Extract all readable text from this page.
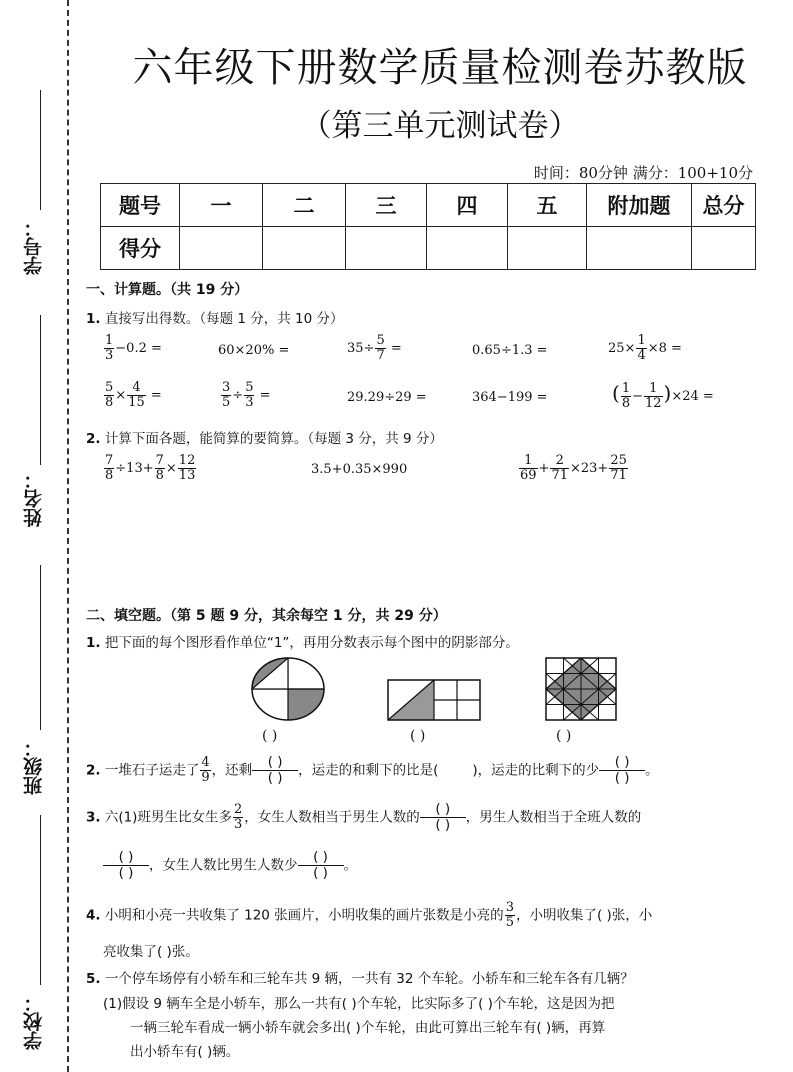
学号：
姓名：
班级：
学校：
六年级下册数学质量检测卷苏教版
（第三单元测试卷）
时间：80分钟 满分：100+10分
题号	一	二	三	四	五	附加题	总分
得分							
一、计算题。（共 19 分）
1. 直接写出得数。（每题 1 分，共 10 分）
$\frac{1}{3} -0.2$ =	60×20% =	$35\div \frac{5}{7}$ =	0.65÷1.3 =	$25\times \frac{1}{4} \times 8$ =
$\frac{5}{8} \times \frac{4}{15}$ =	$\frac{3}{5} \div \frac{5}{3}$ =	29.29÷29 =	364−199 =	( $\frac{1}{8} - \frac{1}{12} )\times 24$ =
2. 计算下面各题，能简算的要简算。（每题 3 分，共 9 分）
$\frac{7}{8} \div 13+ \frac{7}{8} \times \frac{12}{13}$	3.5+0.35×990	$\frac{1}{69} + \frac{2}{71} \times 23+ \frac{25}{71}$
二、填空题。（第 5 题 9 分，其余每空 1 分，共 29 分）
1. 把下面的每个图形看作单位“1”，再用分数表示每个图中的阴影部分。
( )	( )	( )
2. 一堆石子运走了 $\frac{4}{9}$ ，还剩 $\frac{( )}{( )}$ ，运走的和剩下的比是(	)，运走的比剩下的少 $\frac{( )}{( )}$ 。
3. 六(1)班男生比女生多 $\frac{2}{3}$ ，女生人数相当于男生人数的 $\frac{( )}{( )}$ ，男生人数相当于全班人数的
$\frac{( )}{( )}$ ，女生人数比男生人数少 $\frac{( )}{( )}$ 。
4. 小明和小亮一共收集了 120 张画片，小明收集的画片张数是小亮的 $\frac{3}{5}$ ，小明收集了( )张，小
亮收集了( )张。
5. 一个停车场停有小轿车和三轮车共 9 辆，一共有 32 个车轮。小轿车和三轮车各有几辆？
(1)假设 9 辆车全是小轿车，那么一共有( )个车轮，比实际多了( )个车轮，这是因为把
一辆三轮车看成一辆小轿车就会多出( )个车轮，由此可算出三轮车有( )辆，再算
出小轿车有( )辆。
